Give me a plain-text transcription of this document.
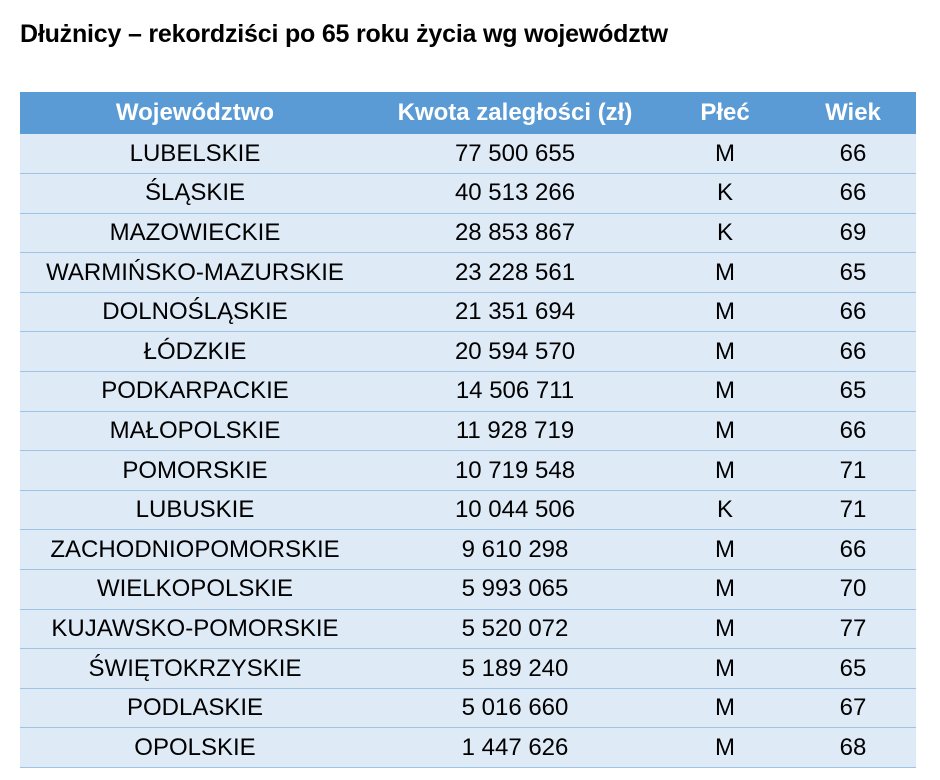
Dłużnicy – rekordziści po 65 roku życia wg województw
Województwo	Kwota zaległości (zł)	Płeć	Wiek
LUBELSKIE	77 500 655	M	66
ŚLĄSKIE	40 513 266	K	66
MAZOWIECKIE	28 853 867	K	69
WARMIŃSKO-MAZURSKIE	23 228 561	M	65
DOLNOŚLĄSKIE	21 351 694	M	66
ŁÓDZKIE	20 594 570	M	66
PODKARPACKIE	14 506 711	M	65
MAŁOPOLSKIE	11 928 719	M	66
POMORSKIE	10 719 548	M	71
LUBUSKIE	10 044 506	K	71
ZACHODNIOPOMORSKIE	9 610 298	M	66
WIELKOPOLSKIE	5 993 065	M	70
KUJAWSKO-POMORSKIE	5 520 072	M	77
ŚWIĘTOKRZYSKIE	5 189 240	M	65
PODLASKIE	5 016 660	M	67
OPOLSKIE	1 447 626	M	68
